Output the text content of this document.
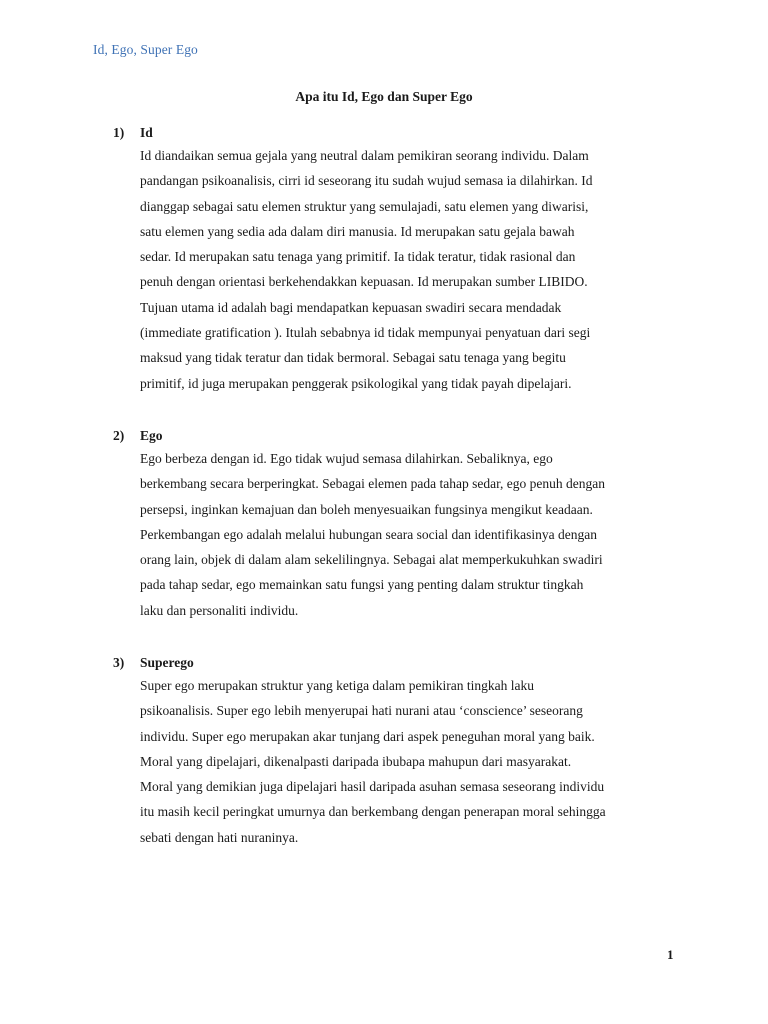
Id, Ego, Super Ego
Apa itu Id, Ego dan Super Ego
1)	Id

Id diandaikan semua gejala yang neutral dalam pemikiran seorang individu. Dalam

pandangan psikoanalisis, cirri id seseorang itu sudah wujud semasa ia dilahirkan. Id

dianggap sebagai satu elemen struktur yang semulajadi, satu elemen yang diwarisi,

satu elemen yang sedia ada dalam diri manusia. Id merupakan satu gejala bawah

sedar. Id merupakan satu tenaga yang primitif. Ia tidak teratur, tidak rasional dan

penuh dengan orientasi berkehendakkan kepuasan. Id merupakan sumber LIBIDO.

Tujuan utama id adalah bagi mendapatkan kepuasan swadiri secara mendadak

(immediate gratification ). Itulah sebabnya id tidak mempunyai penyatuan dari segi

maksud yang tidak teratur dan tidak bermoral. Sebagai satu tenaga yang begitu

primitif, id juga merupakan penggerak psikologikal yang tidak payah dipelajari.

2)	Ego

Ego berbeza dengan id. Ego tidak wujud semasa dilahirkan. Sebaliknya, ego

berkembang secara berperingkat. Sebagai elemen pada tahap sedar, ego penuh dengan

persepsi, inginkan kemajuan dan boleh menyesuaikan fungsinya mengikut keadaan.

Perkembangan ego adalah melalui hubungan seara social dan identifikasinya dengan

orang lain, objek di dalam alam sekelilingnya. Sebagai alat memperkukuhkan swadiri

pada tahap sedar, ego memainkan satu fungsi yang penting dalam struktur tingkah

laku dan personaliti individu.

3)	Superego

Super ego merupakan struktur yang ketiga dalam pemikiran tingkah laku

psikoanalisis. Super ego lebih menyerupai hati nurani atau ‘conscience’ seseorang

individu. Super ego merupakan akar tunjang dari aspek peneguhan moral yang baik.

Moral yang dipelajari, dikenalpasti daripada ibubapa mahupun dari masyarakat.

Moral yang demikian juga dipelajari hasil daripada asuhan semasa seseorang individu

itu masih kecil peringkat umurnya dan berkembang dengan penerapan moral sehingga

sebati dengan hati nuraninya.

1
